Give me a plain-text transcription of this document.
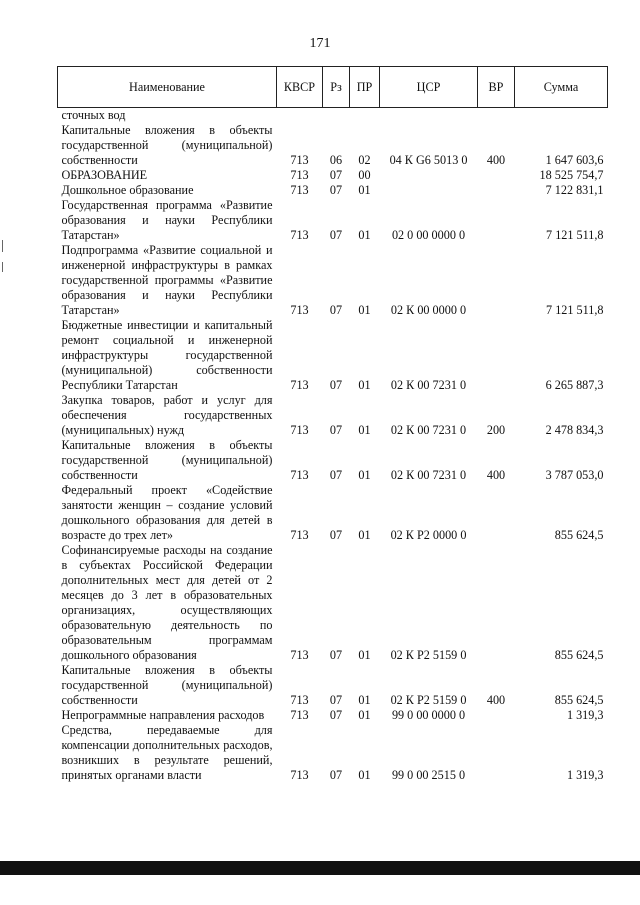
171
Наименование	КВСР	Рз	ПР	ЦСР	ВР	Сумма
сточных вод						
Капитальные вложения в объекты государственной (муниципальной) собственности	713	06	02	04 К G6 5013 0	400	1 647 603,6
ОБРАЗОВАНИЕ	713	07	00			18 525 754,7
Дошкольное образование	713	07	01			7 122 831,1
Государственная программа «Развитие образования и науки Республики Татарстан»	713	07	01	02 0 00 0000 0		7 121 511,8
Подпрограмма «Развитие социальной и инженерной инфраструктуры в рамках государственной программы «Развитие образования и науки Республики Татарстан»	713	07	01	02 К 00 0000 0		7 121 511,8
Бюджетные инвестиции и капитальный ремонт социальной и инженерной инфраструктуры государственной (муниципальной) собственности Республики Татарстан	713	07	01	02 К 00 7231 0		6 265 887,3
Закупка товаров, работ и услуг для обеспечения государственных (муниципальных) нужд	713	07	01	02 К 00 7231 0	200	2 478 834,3
Капитальные вложения в объекты государственной (муниципальной) собственности	713	07	01	02 К 00 7231 0	400	3 787 053,0
Федеральный проект «Содействие занятости женщин – создание условий дошкольного образования для детей в возрасте до трех лет»	713	07	01	02 К Р2 0000 0		855 624,5
Софинансируемые расходы на создание в субъектах Российской Федерации дополнительных мест для детей от 2 месяцев до 3 лет в образовательных организациях, осуществляющих образовательную деятельность по образовательным программам дошкольного образования	713	07	01	02 К Р2 5159 0		855 624,5
Капитальные вложения в объекты государственной (муниципальной) собственности	713	07	01	02 К Р2 5159 0	400	855 624,5
Непрограммные направления расходов	713	07	01	99 0 00 0000 0		1 319,3
Средства, передаваемые для компенсации дополнительных расходов, возникших в результате решений, принятых органами власти	713	07	01	99 0 00 2515 0		1 319,3
